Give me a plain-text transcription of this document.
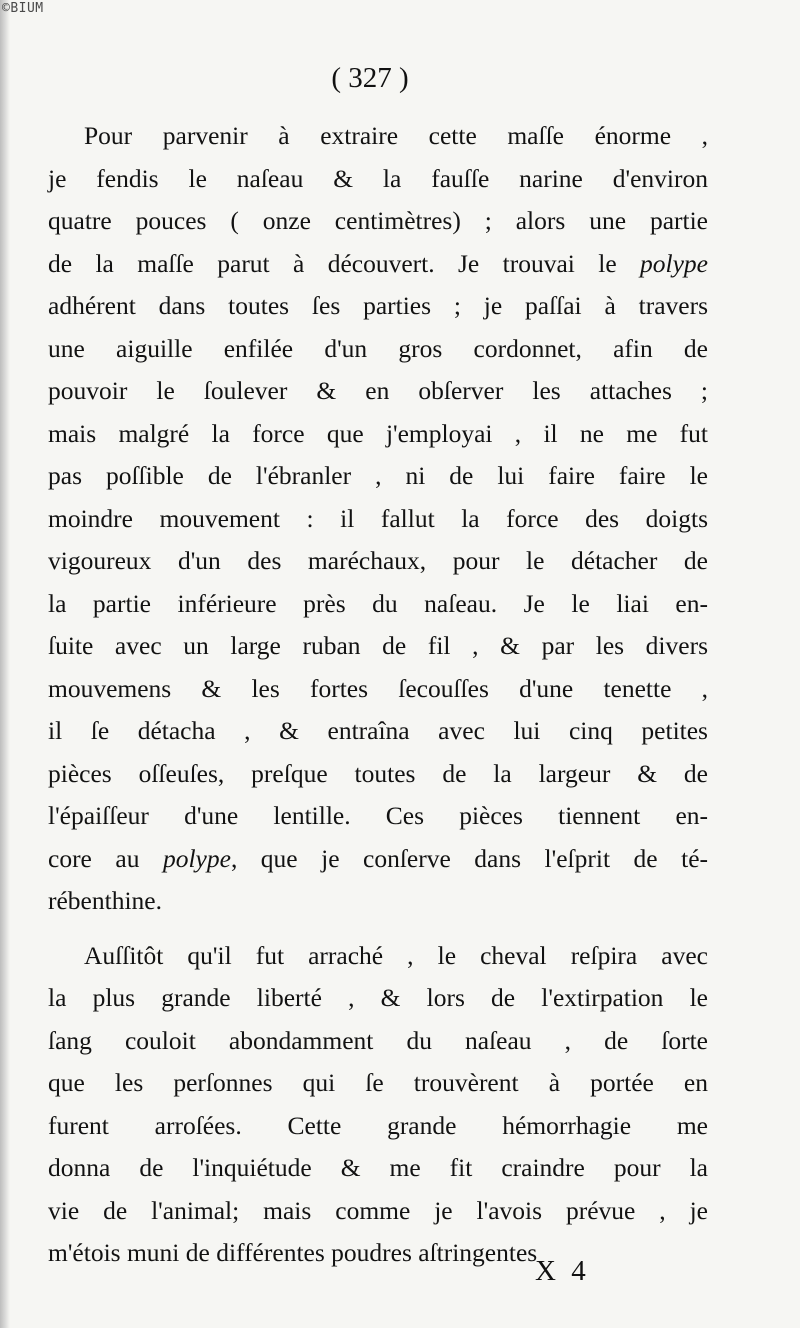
©BIUM
( 327 )
Pour parvenir à extraire cette maſſe énorme ,
je fendis le naſeau & la fauſſe narine d'environ
quatre pouces ( onze centimètres) ; alors une partie
de la maſſe parut à découvert. Je trouvai le polype
adhérent dans toutes ſes parties ; je paſſai à travers
une aiguille enfilée d'un gros cordonnet, afin de
pouvoir le ſoulever & en obſerver les attaches ;
mais malgré la force que j'employai , il ne me fut
pas poſſible de l'ébranler , ni de lui faire faire le
moindre mouvement : il fallut la force des doigts
vigoureux d'un des maréchaux, pour le détacher de
la partie inférieure près du naſeau. Je le liai en-
ſuite avec un large ruban de fil , & par les divers
mouvemens & les fortes ſecouſſes d'une tenette ,
il ſe détacha , & entraîna avec lui cinq petites
pièces oſſeuſes, preſque toutes de la largeur & de
l'épaiſſeur d'une lentille. Ces pièces tiennent en-
core au polype, que je conſerve dans l'eſprit de té-
rébenthine.
Auſſitôt qu'il fut arraché , le cheval reſpira avec
la plus grande liberté , & lors de l'extirpation le
ſang couloit abondamment du naſeau , de ſorte
que les perſonnes qui ſe trouvèrent à portée en
furent arroſées. Cette grande hémorrhagie me
donna de l'inquiétude & me fit craindre pour la
vie de l'animal; mais comme je l'avois prévue , je
m'étois muni de différentes poudres aſtringentes
X 4
